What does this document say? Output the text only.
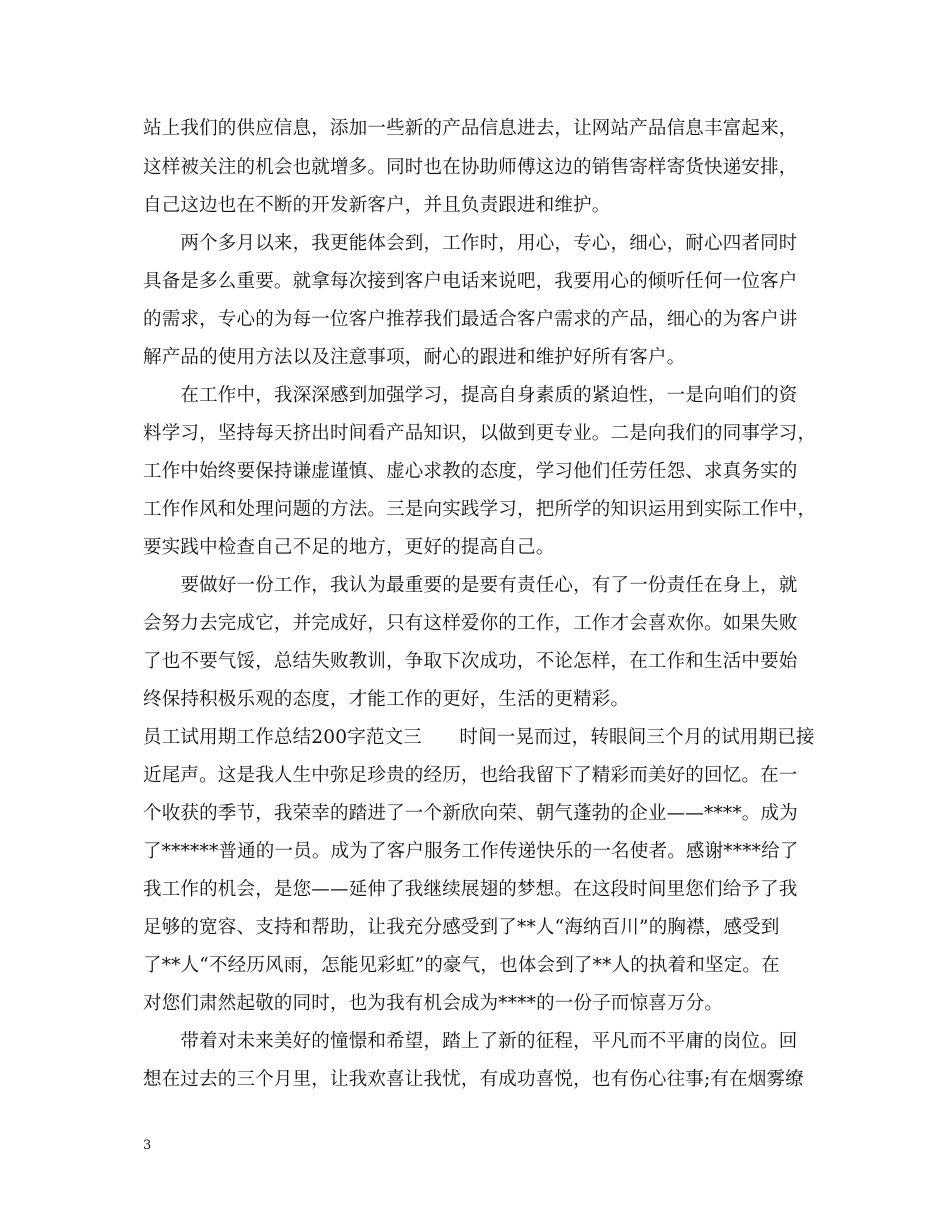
站上我们的供应信息，添加一些新的产品信息进去，让网站产品信息丰富起来，
这样被关注的机会也就增多。同时也在协助师傅这边的销售寄样寄货快递安排，
自己这边也在不断的开发新客户，并且负责跟进和维护。
　　两个多月以来，我更能体会到，工作时，用心，专心，细心，耐心四者同时
具备是多么重要。就拿每次接到客户电话来说吧，我要用心的倾听任何一位客户
的需求，专心的为每一位客户推荐我们最适合客户需求的产品，细心的为客户讲
解产品的使用方法以及注意事项，耐心的跟进和维护好所有客户。
　　在工作中，我深深感到加强学习，提高自身素质的紧迫性，一是向咱们的资
料学习，坚持每天挤出时间看产品知识，以做到更专业。二是向我们的同事学习，
工作中始终要保持谦虚谨慎、虚心求教的态度，学习他们任劳任怨、求真务实的
工作作风和处理问题的方法。三是向实践学习，把所学的知识运用到实际工作中，
要实践中检查自己不足的地方，更好的提高自己。
　　要做好一份工作，我认为最重要的是要有责任心，有了一份责任在身上，就
会努力去完成它，并完成好，只有这样爱你的工作，工作才会喜欢你。如果失败
了也不要气馁，总结失败教训，争取下次成功，不论怎样，在工作和生活中要始
终保持积极乐观的态度，才能工作的更好，生活的更精彩。
员工试用期工作总结200字范文三　　时间一晃而过，转眼间三个月的试用期已接
近尾声。这是我人生中弥足珍贵的经历，也给我留下了精彩而美好的回忆。在一
个收获的季节，我荣幸的踏进了一个新欣向荣、朝气蓬勃的企业——****。成为
了******普通的一员。成为了客户服务工作传递快乐的一名使者。感谢****给了
我工作的机会，是您——延伸了我继续展翅的梦想。在这段时间里您们给予了我
足够的宽容、支持和帮助，让我充分感受到了**人“海纳百川”的胸襟，感受到
了**人“不经历风雨，怎能见彩虹”的豪气，也体会到了**人的执着和坚定。在
对您们肃然起敬的同时，也为我有机会成为****的一份子而惊喜万分。
　　带着对未来美好的憧憬和希望，踏上了新的征程，平凡而不平庸的岗位。回
想在过去的三个月里，让我欢喜让我忧，有成功喜悦，也有伤心往事;有在烟雾缭
3
